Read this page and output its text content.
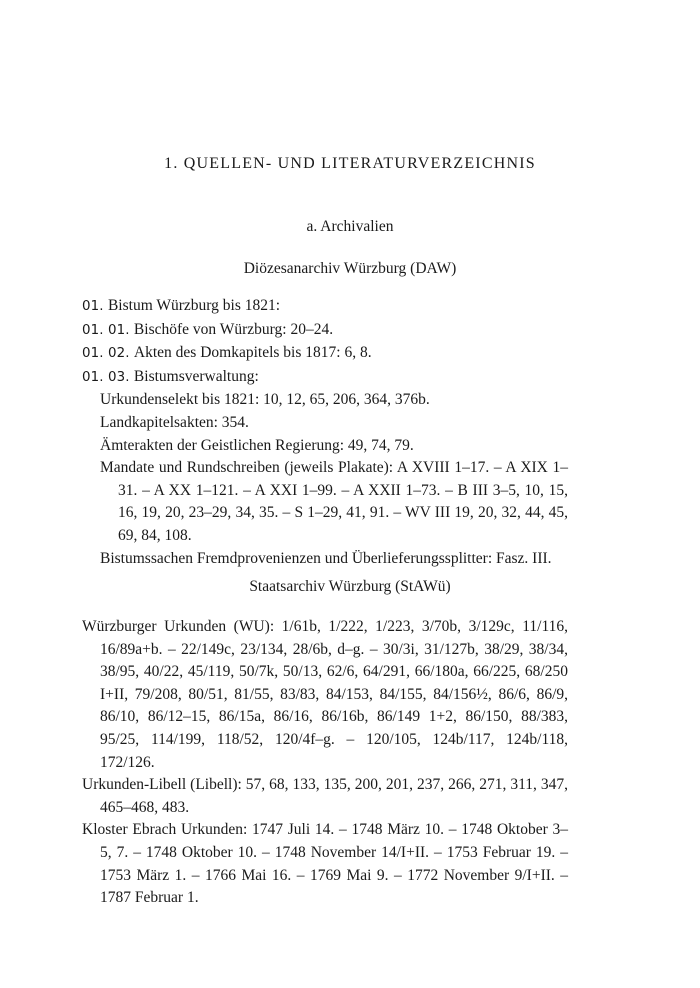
1. QUELLEN- UND LITERATURVERZEICHNIS
a. Archivalien
Diözesanarchiv Würzburg (DAW)

01. Bistum Würzburg bis 1821:

01. 01. Bischöfe von Würzburg: 20–24.

01. 02. Akten des Domkapitels bis 1817: 6, 8.

01. 03. Bistumsverwaltung:

Urkundenselekt bis 1821: 10, 12, 65, 206, 364, 376b.

Landkapitelsakten: 354.

Ämterakten der Geistlichen Regierung: 49, 74, 79.

Mandate und Rundschreiben (jeweils Plakate): A XVIII 1–17. – A XIX 1–31. – A XX 1–121. – A XXI 1–99. – A XXII 1–73. – B III 3–5, 10, 15, 16, 19, 20, 23–29, 34, 35. – S 1–29, 41, 91. – WV III 19, 20, 32, 44, 45, 69, 84, 108.

Bistumssachen Fremdprovenienzen und Überlieferungssplitter: Fasz. III.

Staatsarchiv Würzburg (StAWü)

Würzburger Urkunden (WU): 1/61b, 1/222, 1/223, 3/70b, 3/129c, 11/116, 16/89a+b. – 22/149c, 23/134, 28/6b, d–g. – 30/3i, 31/127b, 38/29, 38/34, 38/95, 40/22, 45/119, 50/7k, 50/13, 62/6, 64/291, 66/180a, 66/225, 68/250 I+II, 79/208, 80/51, 81/55, 83/83, 84/153, 84/155, 84/156½, 86/6, 86/9, 86/10, 86/12–15, 86/15a, 86/16, 86/16b, 86/149 1+2, 86/150, 88/383, 95/25, 114/199, 118/52, 120/4f–g. – 120/105, 124b/117, 124b/118, 172/126.

Urkunden-Libell (Libell): 57, 68, 133, 135, 200, 201, 237, 266, 271, 311, 347, 465–468, 483.

Kloster Ebrach Urkunden: 1747 Juli 14. – 1748 März 10. – 1748 Oktober 3–5, 7. – 1748 Oktober 10. – 1748 November 14/I+II. – 1753 Februar 19. – 1753 März 1. – 1766 Mai 16. – 1769 Mai 9. – 1772 November 9/I+II. – 1787 Februar 1.
